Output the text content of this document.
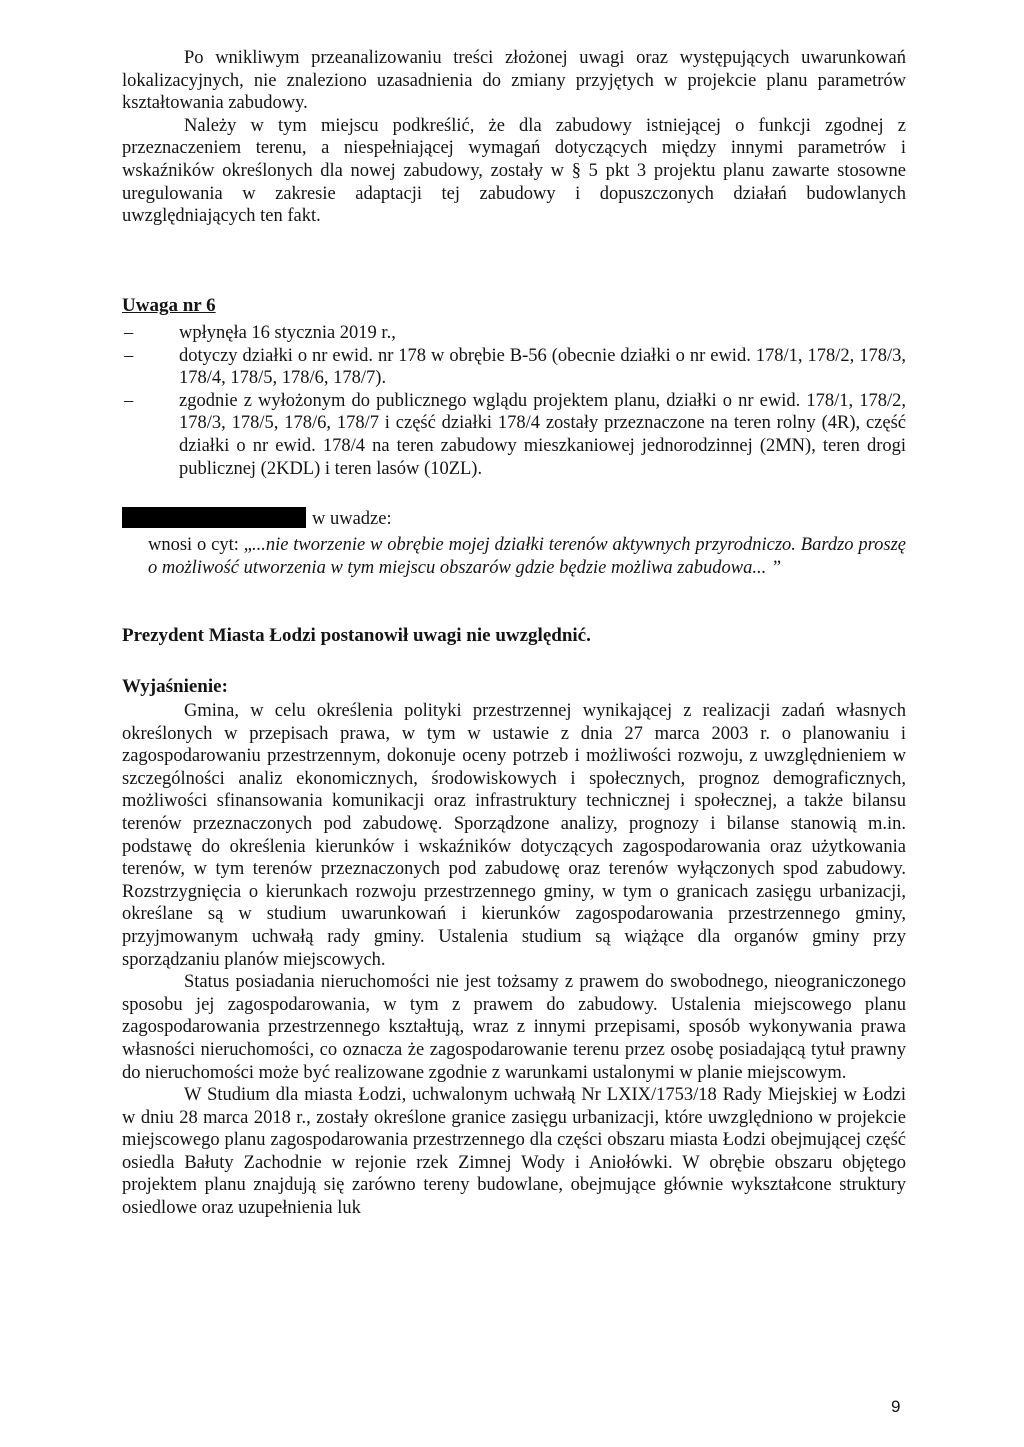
Po wnikliwym przeanalizowaniu treści złożonej uwagi oraz występujących uwarunkowań lokalizacyjnych, nie znaleziono uzasadnienia do zmiany przyjętych w projekcie planu parametrów kształtowania zabudowy.

Należy w tym miejscu podkreślić, że dla zabudowy istniejącej o funkcji zgodnej z przeznaczeniem terenu, a niespełniającej wymagań dotyczących między innymi parametrów i wskaźników określonych dla nowej zabudowy, zostały w § 5 pkt 3 projektu planu zawarte stosowne uregulowania w zakresie adaptacji tej zabudowy i dopuszczonych działań budowlanych uwzględniających ten fakt.

Uwaga nr 6

– wpłynęła 16 stycznia 2019 r.,
– dotyczy działki o nr ewid. nr 178 w obrębie B-56 (obecnie działki o nr ewid. 178/1, 178/2, 178/3, 178/4, 178/5, 178/6, 178/7).
– zgodnie z wyłożonym do publicznego wglądu projektem planu, działki o nr ewid. 178/1, 178/2, 178/3, 178/5, 178/6, 178/7 i część działki 178/4 zostały przeznaczone na teren rolny (4R), część działki o nr ewid. 178/4 na teren zabudowy mieszkaniowej jednorodzinnej (2MN), teren drogi publicznej (2KDL) i teren lasów (10ZL).
w uwadze:
wnosi o cyt: „...nie tworzenie w obrębie mojej działki terenów aktywnych przyrodniczo. Bardzo proszę o możliwość utworzenia w tym miejscu obszarów gdzie będzie możliwa zabudowa... ”

Prezydent Miasta Łodzi postanowił uwagi nie uwzględnić.

Wyjaśnienie:

Gmina, w celu określenia polityki przestrzennej wynikającej z realizacji zadań własnych określonych w przepisach prawa, w tym w ustawie z dnia 27 marca 2003 r. o planowaniu i zagospodarowaniu przestrzennym, dokonuje oceny potrzeb i możliwości rozwoju, z uwzględnieniem w szczególności analiz ekonomicznych, środowiskowych i społecznych, prognoz demograficznych, możliwości sfinansowania komunikacji oraz infrastruktury technicznej i społecznej, a także bilansu terenów przeznaczonych pod zabudowę. Sporządzone analizy, prognozy i bilanse stanowią m.in. podstawę do określenia kierunków i wskaźników dotyczących zagospodarowania oraz użytkowania terenów, w tym terenów przeznaczonych pod zabudowę oraz terenów wyłączonych spod zabudowy. Rozstrzygnięcia o kierunkach rozwoju przestrzennego gminy, w tym o granicach zasięgu urbanizacji, określane są w studium uwarunkowań i kierunków zagospodarowania przestrzennego gminy, przyjmowanym uchwałą rady gminy. Ustalenia studium są wiążące dla organów gminy przy sporządzaniu planów miejscowych.

Status posiadania nieruchomości nie jest tożsamy z prawem do swobodnego, nieograniczonego sposobu jej zagospodarowania, w tym z prawem do zabudowy. Ustalenia miejscowego planu zagospodarowania przestrzennego kształtują, wraz z innymi przepisami, sposób wykonywania prawa własności nieruchomości, co oznacza że zagospodarowanie terenu przez osobę posiadającą tytuł prawny do nieruchomości może być realizowane zgodnie z warunkami ustalonymi w planie miejscowym.

W Studium dla miasta Łodzi, uchwalonym uchwałą Nr LXIX/1753/18 Rady Miejskiej w Łodzi w dniu 28 marca 2018 r., zostały określone granice zasięgu urbanizacji, które uwzględniono w projekcie miejscowego planu zagospodarowania przestrzennego dla części obszaru miasta Łodzi obejmującej część osiedla Bałuty Zachodnie w rejonie rzek Zimnej Wody i Aniołówki. W obrębie obszaru objętego projektem planu znajdują się zarówno tereny budowlane, obejmujące głównie wykształcone struktury osiedlowe oraz uzupełnienia luk

9
